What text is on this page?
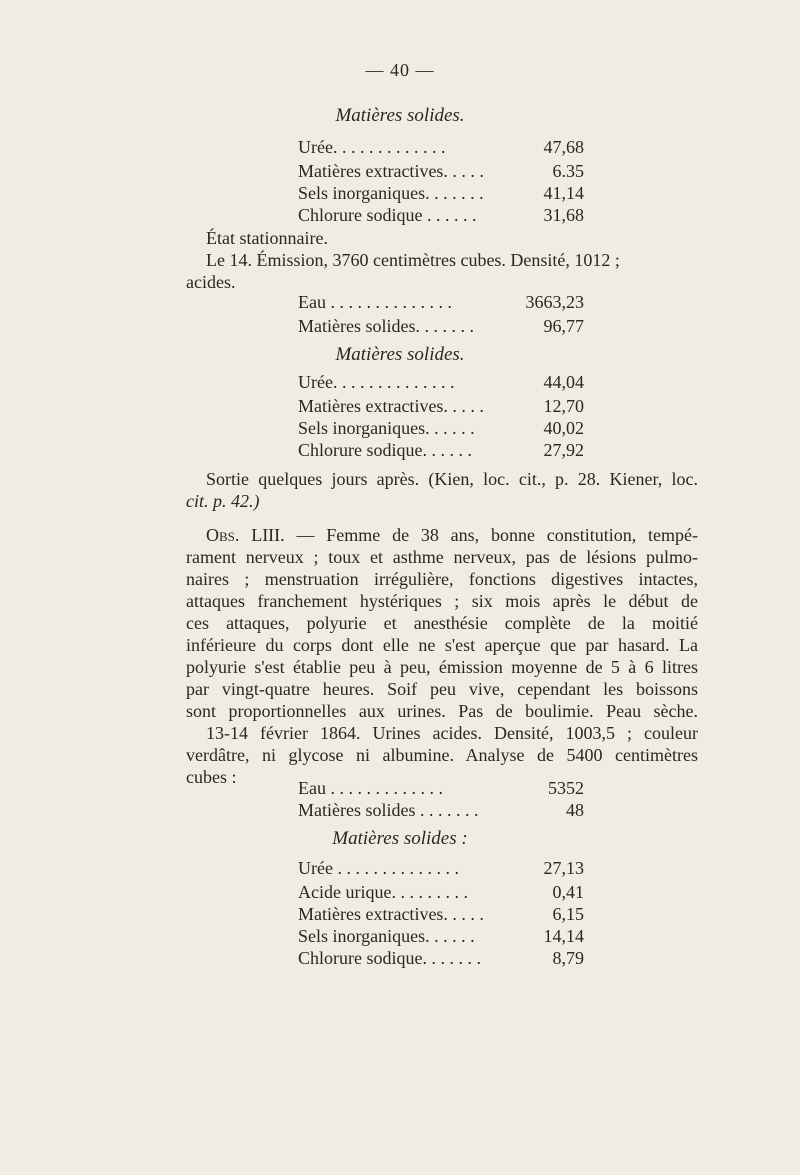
— 40 —
Matières solides.
Urée. . . . . . . . . . . . .	47,68
Matières extractives. . . . .	6.35
Sels inorganiques. . . . . . .	41,14
Chlorure sodique . . . . . .	31,68
État stationnaire.
Le 14. Émission, 3760 centimètres cubes. Densité, 1012 ;
acides.
Eau . . . . . . . . . . . . . .	3663,23
Matières solides. . . . . . .	96,77
Matières solides.
Urée. . . . . . . . . . . . . .	44,04
Matières extractives. . . . .	12,70
Sels inorganiques. . . . . .	40,02
Chlorure sodique. . . . . .	27,92
Sortie quelques jours après. (Kien, loc. cit., p. 28. Kiener, loc.
cit. p. 42.)
Obs. LIII. — Femme de 38 ans, bonne constitution, tempé-
rament nerveux ; toux et asthme nerveux, pas de lésions pulmo-
naires ; menstruation irrégulière, fonctions digestives intactes,
attaques franchement hystériques ; six mois après le début de
ces attaques, polyurie et anesthésie complète de la moitié
inférieure du corps dont elle ne s'est aperçue que par hasard. La
polyurie s'est établie peu à peu, émission moyenne de 5 à 6 litres
par vingt-quatre heures. Soif peu vive, cependant les boissons
sont proportionnelles aux urines. Pas de boulimie. Peau sèche.
13-14 février 1864. Urines acides. Densité, 1003,5 ; couleur
verdâtre, ni glycose ni albumine. Analyse de 5400 centimètres
cubes :
Eau . . . . . . . . . . . . .	5352
Matières solides . . . . . . .	48
Matières solides :
Urée . . . . . . . . . . . . . .	27,13
Acide urique. . . . . . . . .	0,41
Matières extractives. . . . .	6,15
Sels inorganiques. . . . . .	14,14
Chlorure sodique. . . . . . .	8,79
